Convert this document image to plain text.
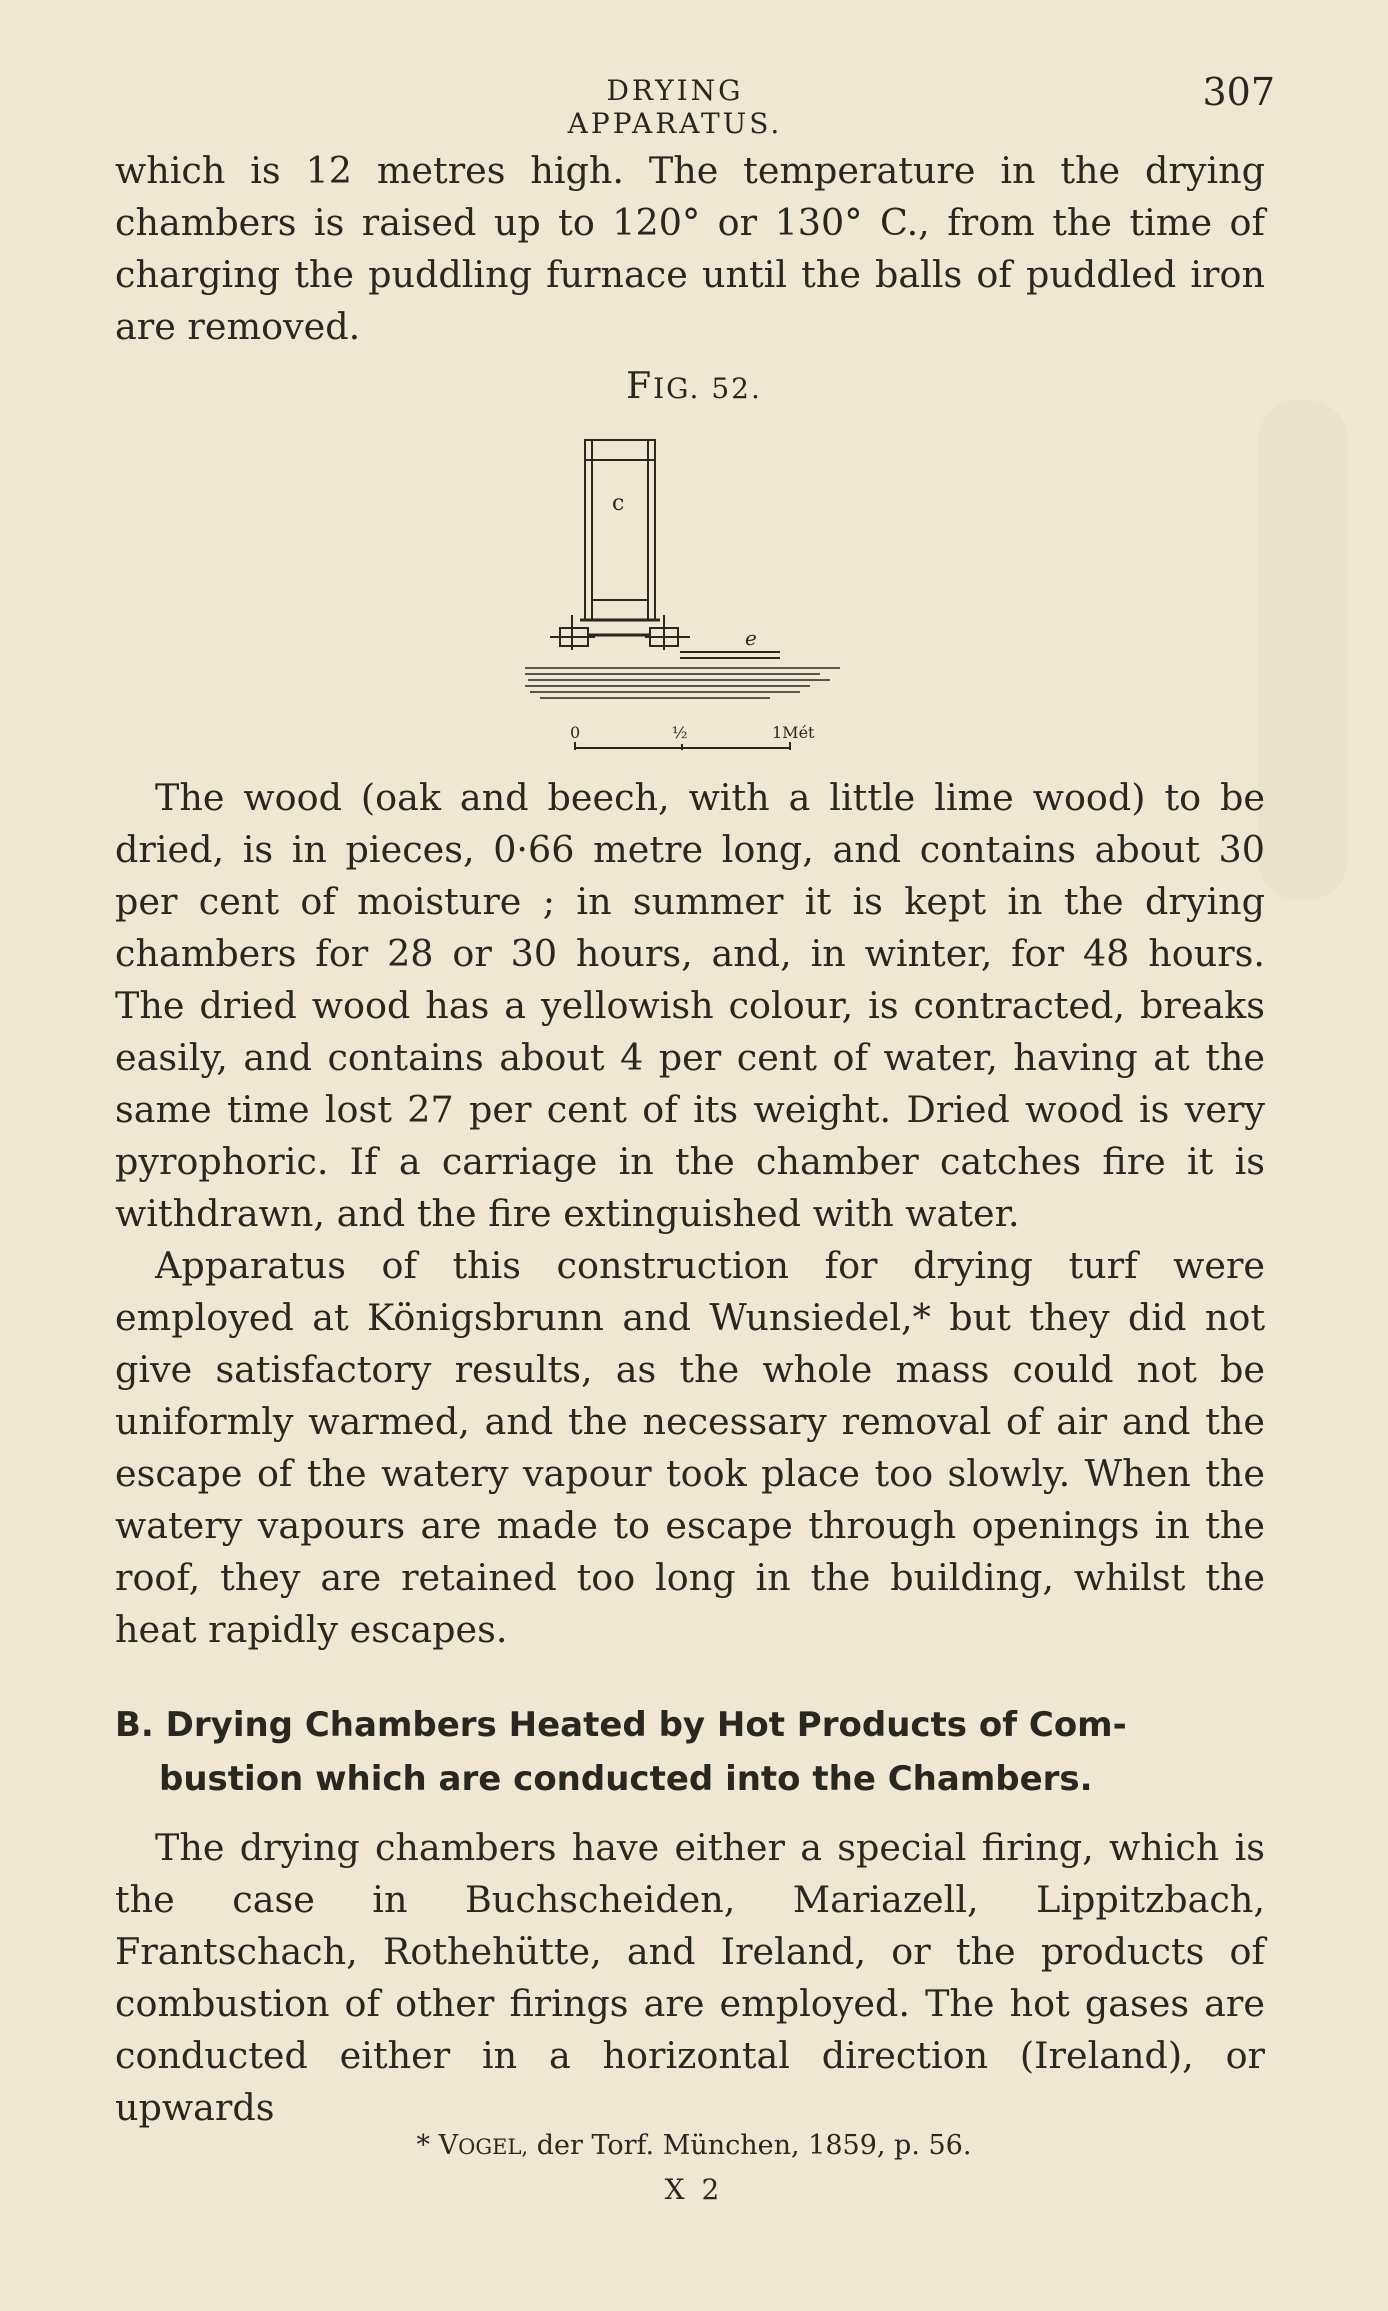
DRYING APPARATUS.
307

which is 12 metres high. The temperature in the drying chambers is raised up to 120° or 130° C., from the time of charging the puddling furnace until the balls of puddled iron are removed.

FIG. 52.
c
e
0	½	1Mét

The wood (oak and beech, with a little lime wood) to be dried, is in pieces, 0·66 metre long, and contains about 30 per cent of moisture ; in summer it is kept in the drying chambers for 28 or 30 hours, and, in winter, for 48 hours. The dried wood has a yellowish colour, is contracted, breaks easily, and contains about 4 per cent of water, having at the same time lost 27 per cent of its weight. Dried wood is very pyrophoric. If a carriage in the chamber catches fire it is withdrawn, and the fire extinguished with water.

Apparatus of this construction for drying turf were employed at Königsbrunn and Wunsiedel,* but they did not give satisfactory results, as the whole mass could not be uniformly warmed, and the necessary removal of air and the escape of the watery vapour took place too slowly. When the watery vapours are made to escape through openings in the roof, they are retained too long in the building, whilst the heat rapidly escapes.

B. Drying Chambers Heated by Hot Products of Com-
bustion which are conducted into the Chambers.

The drying chambers have either a special firing, which is the case in Buchscheiden, Mariazell, Lippitzbach, Frantschach, Rothehütte, and Ireland, or the products of combustion of other firings are employed. The hot gases are conducted either in a horizontal direction (Ireland), or upwards

* VOGEL, der Torf. München, 1859, p. 56.
X 2
